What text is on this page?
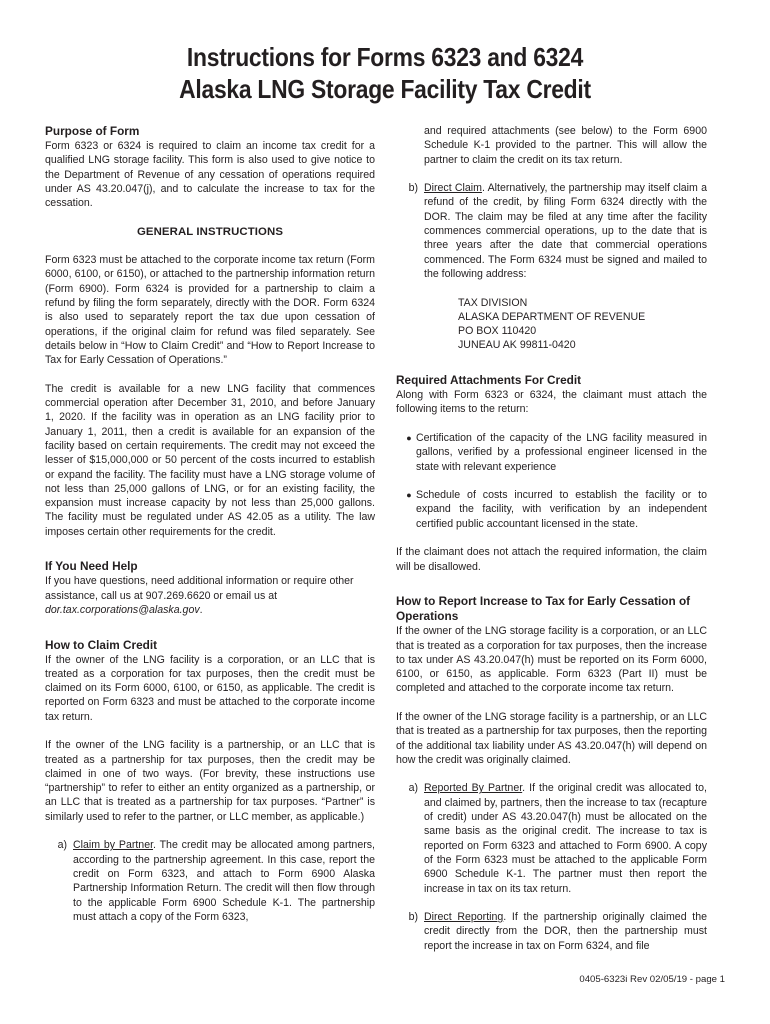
Instructions for Forms 6323 and 6324
Alaska LNG Storage Facility Tax Credit
Purpose of Form

Form 6323 or 6324 is required to claim an income tax credit for a qualified LNG storage facility. This form is also used to give notice to the Department of Revenue of any cessation of operations required under AS 43.20.047(j), and to calculate the increase to tax for the cessation.

GENERAL INSTRUCTIONS

Form 6323 must be attached to the corporate income tax return (Form 6000, 6100, or 6150), or attached to the partnership information return (Form 6900). Form 6324 is provided for a partnership to claim a refund by filing the form separately, directly with the DOR. Form 6324 is also used to separately report the tax due upon cessation of operations, if the original claim for refund was filed separately. See details below in “How to Claim Credit” and “How to Report Increase to Tax for Early Cessation of Operations.”

The credit is available for a new LNG facility that commences commercial operation after December 31, 2010, and before January 1, 2020. If the facility was in operation as an LNG facility prior to January 1, 2011, then a credit is available for an expansion of the facility based on certain requirements. The credit may not exceed the lesser of $15,000,000 or 50 percent of the costs incurred to establish or expand the facility. The facility must have a LNG storage volume of not less than 25,000 gallons of LNG, or for an existing facility, the expansion must increase capacity by not less than 25,000 gallons. The facility must be regulated under AS 42.05 as a utility. The law imposes certain other requirements for the credit.

If You Need Help

If you have questions, need additional information or require other assistance, call us at 907.269.6620 or email us at
dor.tax.corporations@alaska.gov.

How to Claim Credit

If the owner of the LNG facility is a corporation, or an LLC that is treated as a corporation for tax purposes, then the credit must be claimed on its Form 6000, 6100, or 6150, as applicable. The credit is reported on Form 6323 and must be attached to the corporate income tax return.

If the owner of the LNG facility is a partnership, or an LLC that is treated as a partnership for tax purposes, then the credit may be claimed in one of two ways. (For brevity, these instructions use “partnership” to refer to either an entity organized as a partnership, or an LLC that is treated as a partnership for tax purposes. “Partner” is similarly used to refer to the partner, or LLC member, as applicable.)

a) Claim by Partner. The credit may be allocated among partners, according to the partnership agreement. In this case, report the credit on Form 6323, and attach to Form 6900 Alaska Partnership Information Return. The credit will then flow through to the applicable Form 6900 Schedule K-1. The partnership must attach a copy of the Form 6323,
and required attachments (see below) to the Form 6900 Schedule K-1 provided to the partner. This will allow the partner to claim the credit on its tax return.
b) Direct Claim. Alternatively, the partnership may itself claim a refund of the credit, by filing Form 6324 directly with the DOR. The claim may be filed at any time after the facility commences commercial operations, up to the date that is three years after the date that commercial operations commenced. The Form 6324 must be signed and mailed to the following address:
TAX DIVISION
ALASKA DEPARTMENT OF REVENUE
PO BOX 110420
JUNEAU AK 99811-0420
Required Attachments For Credit

Along with Form 6323 or 6324, the claimant must attach the following items to the return:

● Certification of the capacity of the LNG facility measured in gallons, verified by a professional engineer licensed in the state with relevant experience
● Schedule of costs incurred to establish the facility or to expand the facility, with verification by an independent certified public accountant licensed in the state.

If the claimant does not attach the required information, the claim will be disallowed.

How to Report Increase to Tax for Early Cessation of Operations

If the owner of the LNG storage facility is a corporation, or an LLC that is treated as a corporation for tax purposes, then the increase to tax under AS 43.20.047(h) must be reported on its Form 6000, 6100, or 6150, as applicable. Form 6323 (Part II) must be completed and attached to the corporate income tax return.

If the owner of the LNG storage facility is a partnership, or an LLC that is treated as a partnership for tax purposes, then the reporting of the additional tax liability under AS 43.20.047(h) will depend on how the credit was originally claimed.

a) Reported By Partner. If the original credit was allocated to, and claimed by, partners, then the increase to tax (recapture of credit) under AS 43.20.047(h) must be allocated on the same basis as the original credit. The increase to tax is reported on Form 6323 and attached to Form 6900. A copy of the Form 6323 must be attached to the applicable Form 6900 Schedule K-1. The partner must then report the increase in tax on its tax return.
b) Direct Reporting. If the partnership originally claimed the credit directly from the DOR, then the partnership must report the increase in tax on Form 6324, and file
0405-6323i Rev 02/05/19 - page 1
